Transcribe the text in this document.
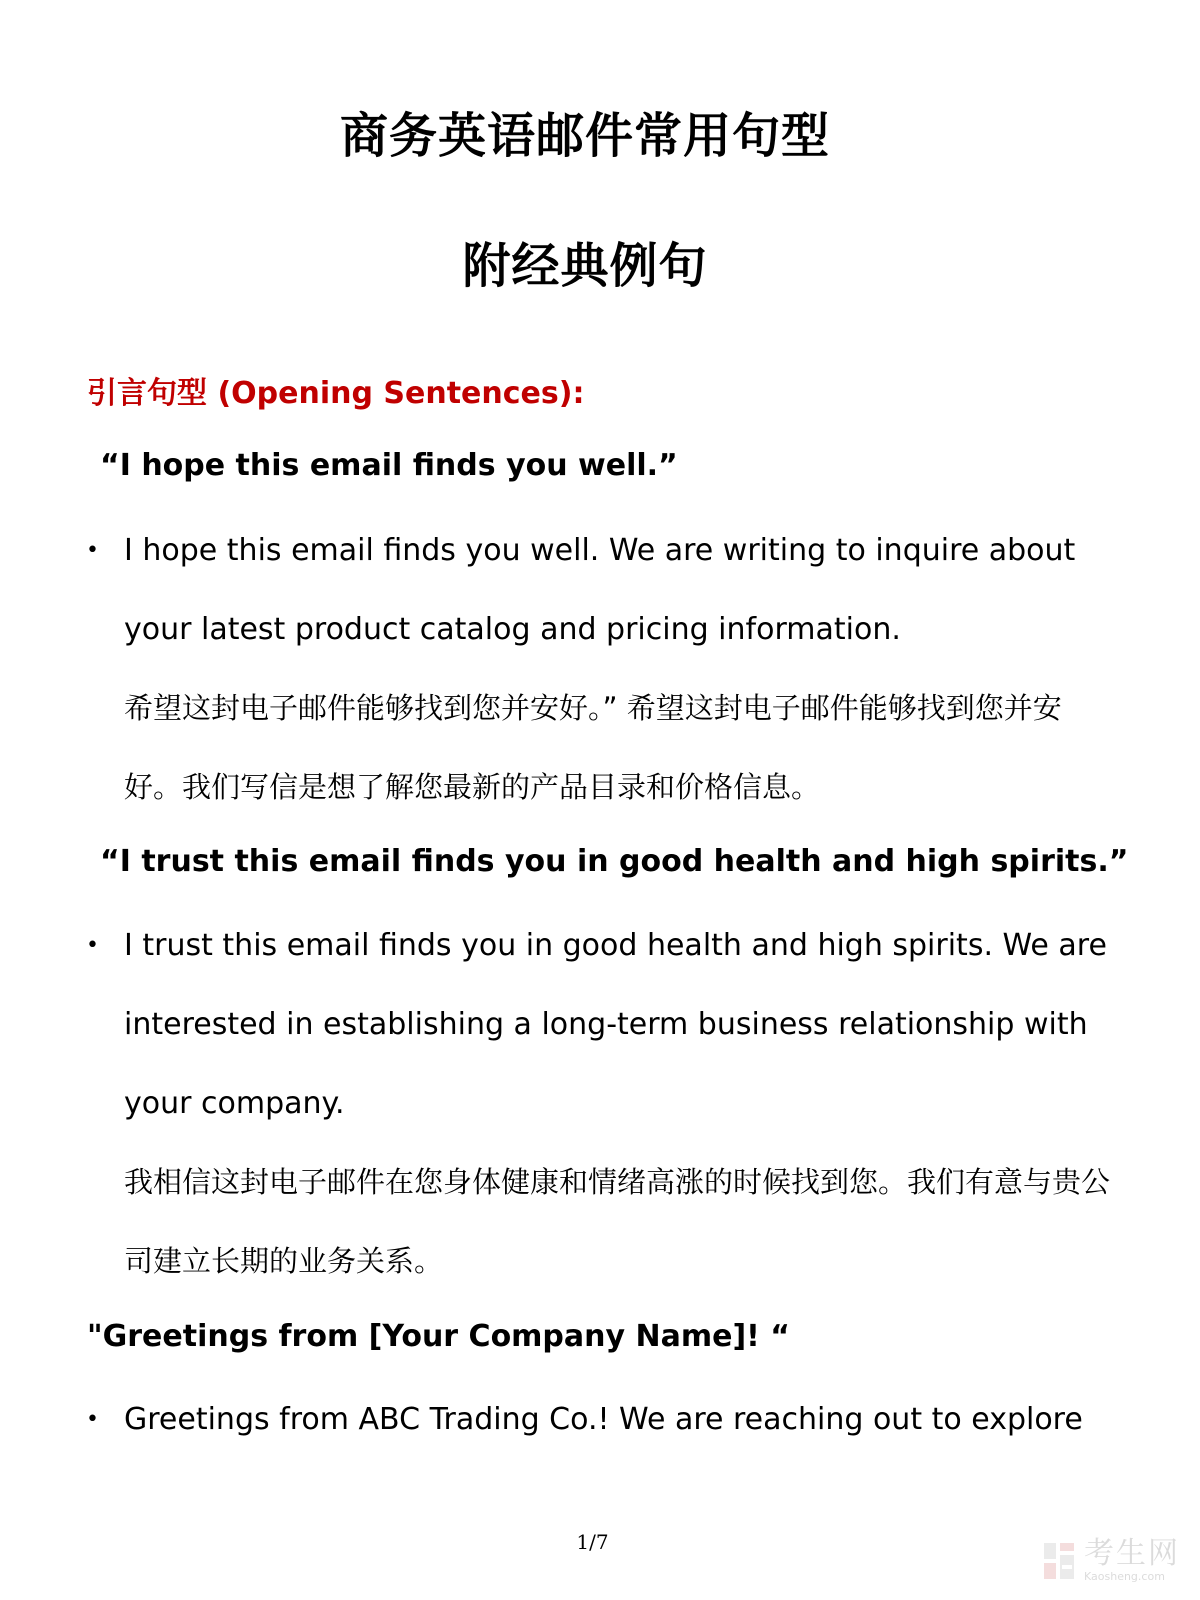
商务英语邮件常用句型
附经典例句
引言句型 (Opening Sentences):
“I hope this email finds you well.”
• I hope this email finds you well. We are writing to inquire about your latest product catalog and pricing information.
希望这封电子邮件能够找到您并安好。” 希望这封电子邮件能够找到您并安好。我们写信是想了解您最新的产品目录和价格信息。
“I trust this email finds you in good health and high spirits.”
• I trust this email finds you in good health and high spirits. We are interested in establishing a long-term business relationship with your company.
我相信这封电子邮件在您身体健康和情绪高涨的时候找到您。我们有意与贵公司建立长期的业务关系。
"Greetings from [Your Company Name]! “
• Greetings from ABC Trading Co.! We are reaching out to explore
考生网
Kaosheng.com
1/7
